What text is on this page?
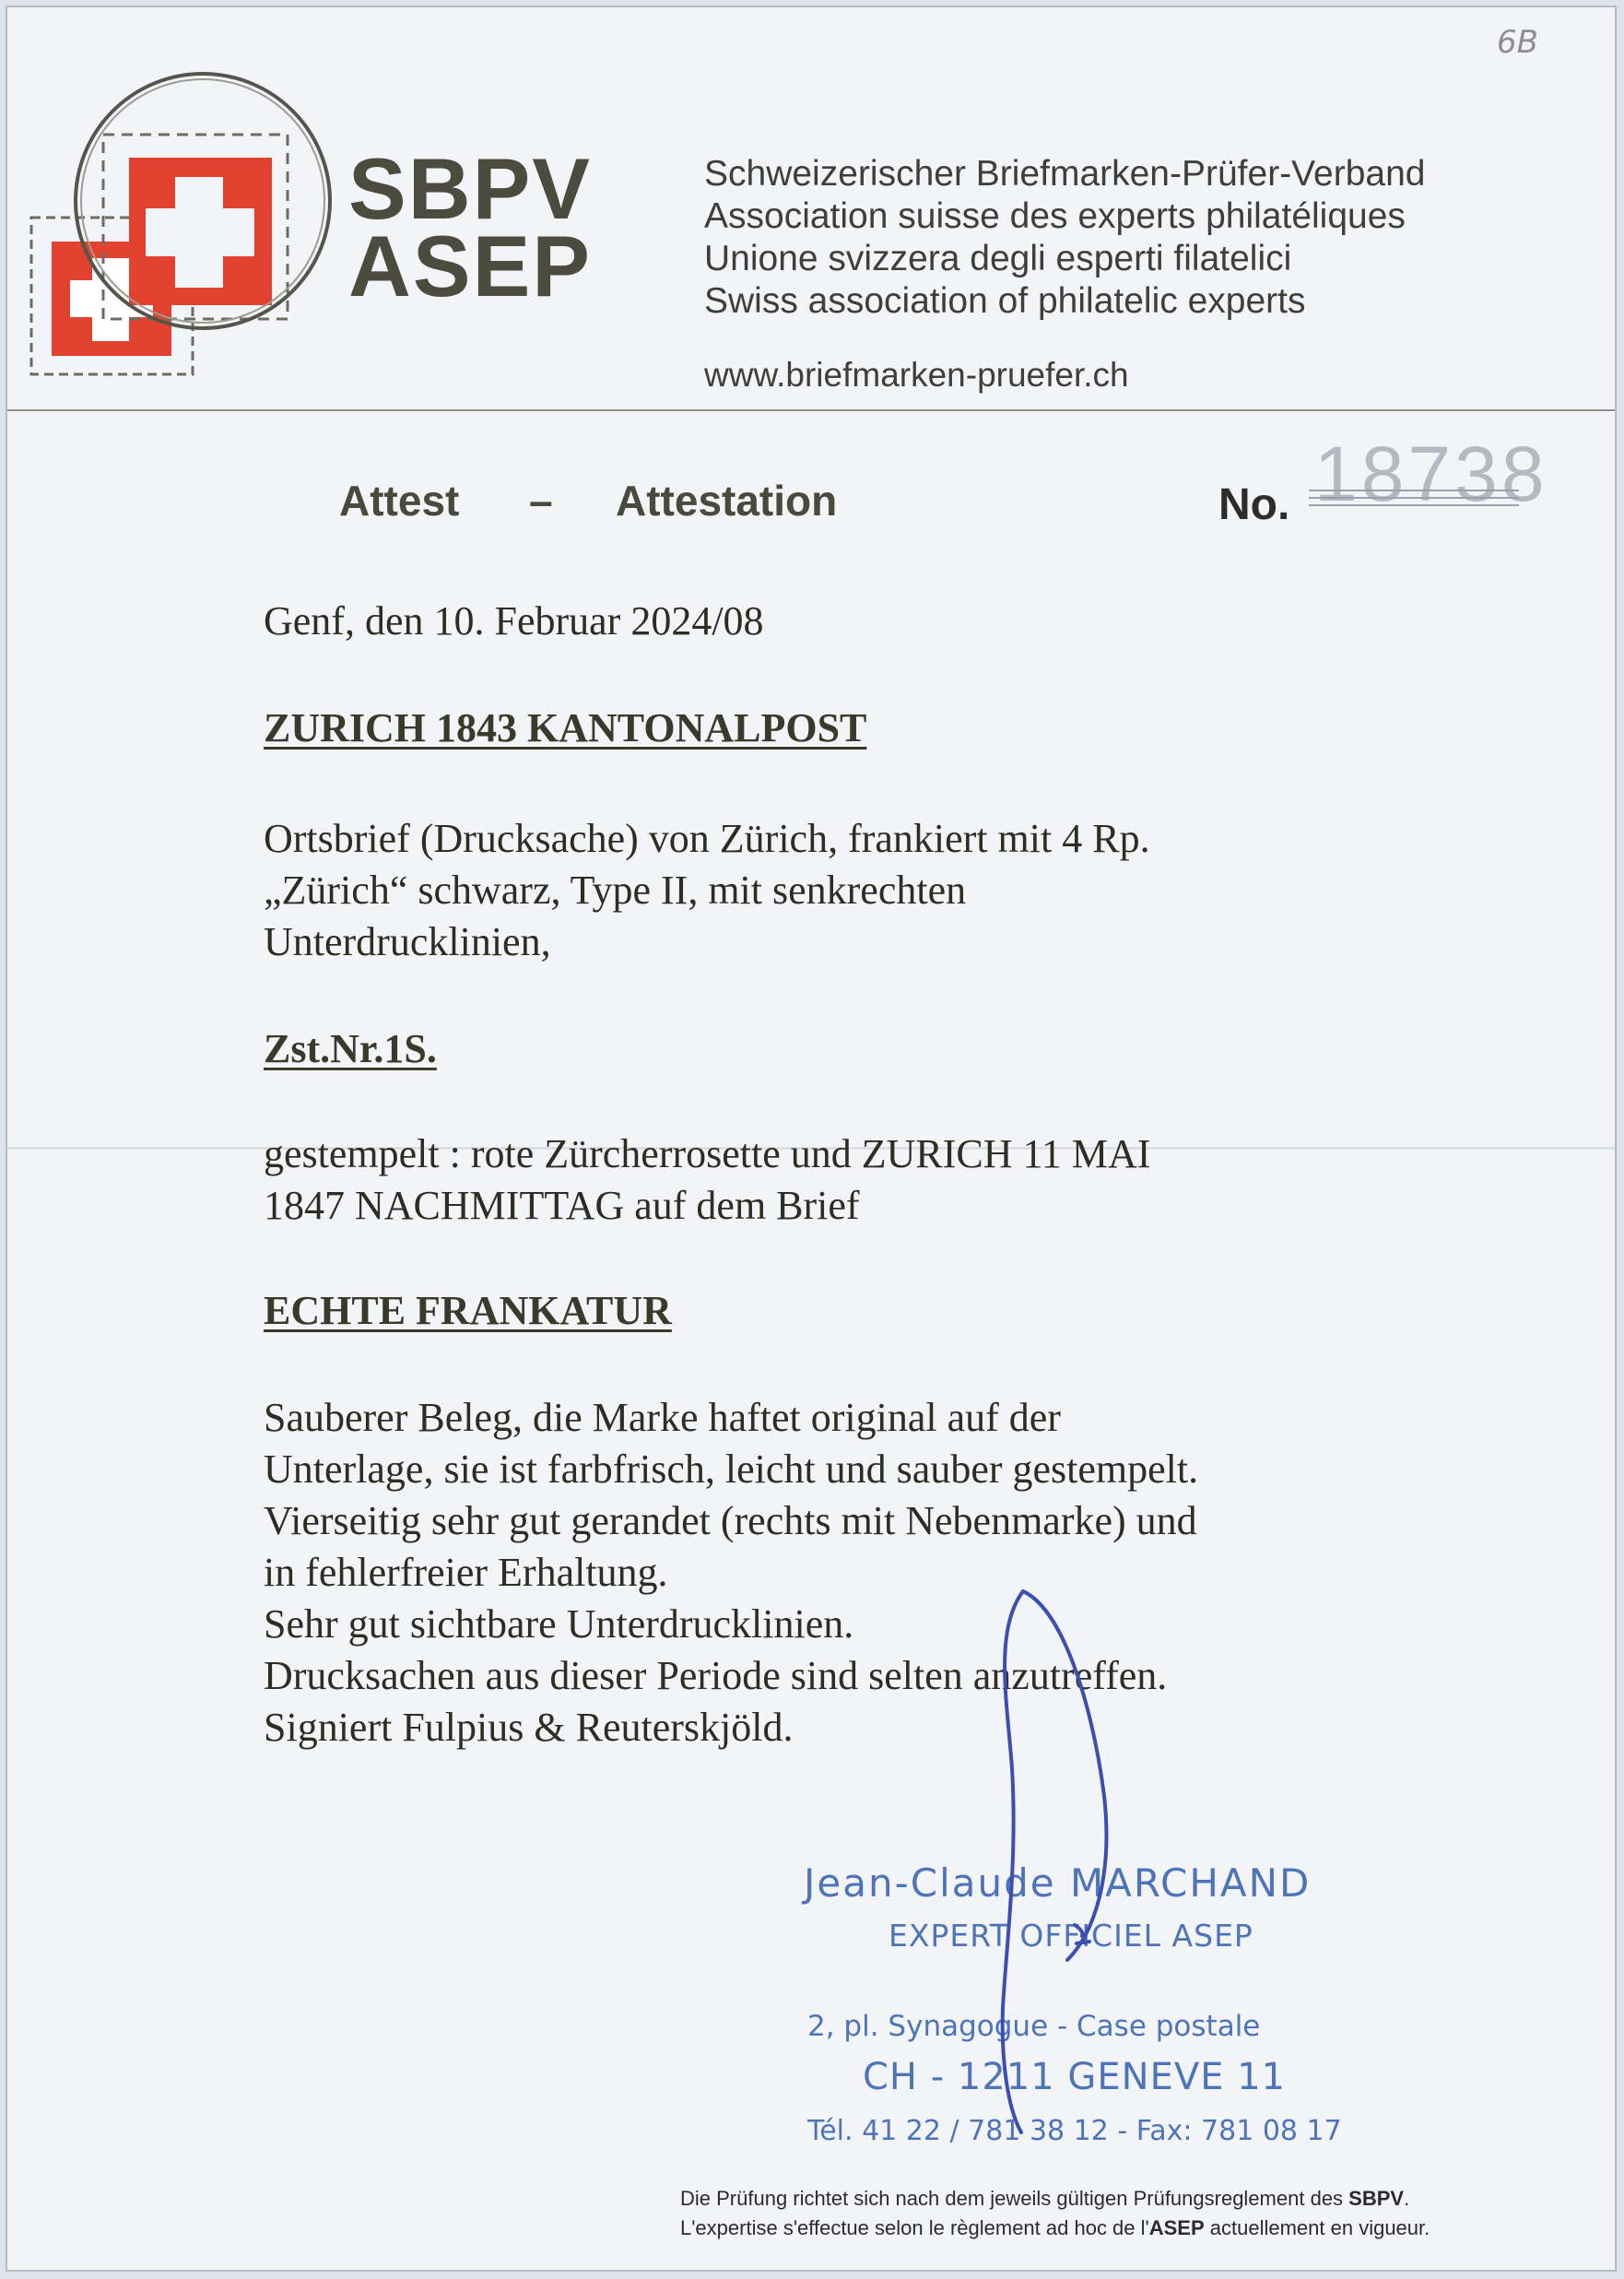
6B
SBPV
ASEP
Schweizerischer Briefmarken-Prüfer-Verband
Association suisse des experts philatéliques
Unione svizzera degli esperti filatelici
Swiss association of philatelic experts
www.briefmarken-pruefer.ch
Attest – Attestation	No. 18738
Genf, den 10. Februar 2024/08
ZURICH 1843 KANTONALPOST
Ortsbrief (Drucksache) von Zürich, frankiert mit 4 Rp.
„Zürich“ schwarz, Type II, mit senkrechten
Unterdrucklinien,
Zst.Nr.1S.
gestempelt : rote Zürcherrosette und ZURICH 11 MAI
1847 NACHMITTAG auf dem Brief
ECHTE FRANKATUR
Sauberer Beleg, die Marke haftet original auf der
Unterlage, sie ist farbfrisch, leicht und sauber gestempelt.
Vierseitig sehr gut gerandet (rechts mit Nebenmarke) und
in fehlerfreier Erhaltung.
Sehr gut sichtbare Unterdrucklinien.
Drucksachen aus dieser Periode sind selten anzutreffen.
Signiert Fulpius & Reuterskjöld.
Jean-Claude MARCHAND
EXPERT OFFICIEL ASEP
2, pl. Synagogue - Case postale
CH - 1211 GENEVE 11
Tél. 41 22 / 781 38 12 - Fax: 781 08 17
Die Prüfung richtet sich nach dem jeweils gültigen Prüfungsreglement des SBPV.
L'expertise s'effectue selon le règlement ad hoc de l'ASEP actuellement en vigueur.
